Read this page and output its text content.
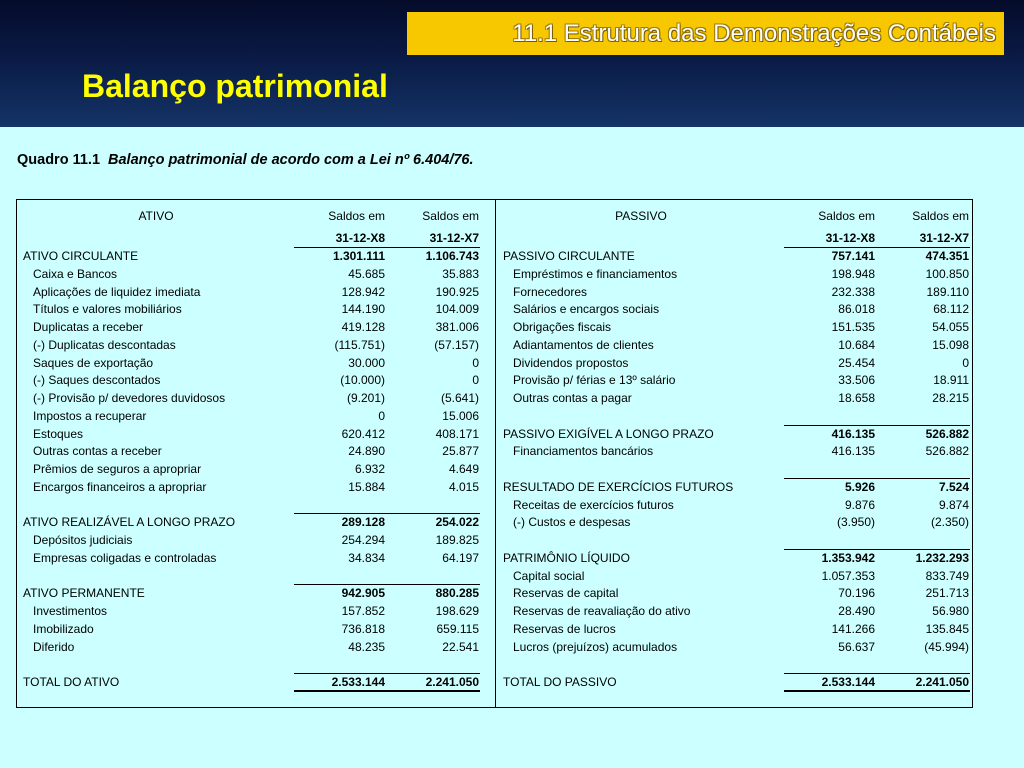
11.1 Estrutura das Demonstrações Contábeis
Balanço patrimonial
Quadro 11.1 Balanço patrimonial de acordo com a Lei nº 6.404/76.
ATIVO	Saldos em	Saldos em
31-12-X8	31-12-X7
PASSIVO	Saldos em	Saldos em
31-12-X8	31-12-X7
ATIVO CIRCULANTE	1.301.111	1.106.743
Caixa e Bancos	45.685	35.883
Aplicações de liquidez imediata	128.942	190.925
Títulos e valores mobiliários	144.190	104.009
Duplicatas a receber	419.128	381.006
(-) Duplicatas descontadas	(115.751)	(57.157)
Saques de exportação	30.000	0
(-) Saques descontados	(10.000)	0
(-) Provisão p/ devedores duvidosos	(9.201)	(5.641)
Impostos a recuperar	0	15.006
Estoques	620.412	408.171
Outras contas a receber	24.890	25.877
Prêmios de seguros a apropriar	6.932	4.649
Encargos financeiros a apropriar	15.884	4.015
ATIVO REALIZÁVEL A LONGO PRAZO	289.128	254.022
Depósitos judiciais	254.294	189.825
Empresas coligadas e controladas	34.834	64.197
ATIVO PERMANENTE	942.905	880.285
Investimentos	157.852	198.629
Imobilizado	736.818	659.115
Diferido	48.235	22.541
TOTAL DO ATIVO	2.533.144	2.241.050
PASSIVO CIRCULANTE	757.141	474.351
Empréstimos e financiamentos	198.948	100.850
Fornecedores	232.338	189.110
Salários e encargos sociais	86.018	68.112
Obrigações fiscais	151.535	54.055
Adiantamentos de clientes	10.684	15.098
Dividendos propostos	25.454	0
Provisão p/ férias e 13º salário	33.506	18.911
Outras contas a pagar	18.658	28.215
PASSIVO EXIGÍVEL A LONGO PRAZO	416.135	526.882
Financiamentos bancários	416.135	526.882
RESULTADO DE EXERCÍCIOS FUTUROS	5.926	7.524
Receitas de exercícios futuros	9.876	9.874
(-) Custos e despesas	(3.950)	(2.350)
PATRIMÔNIO LÍQUIDO	1.353.942	1.232.293
Capital social	1.057.353	833.749
Reservas de capital	70.196	251.713
Reservas de reavaliação do ativo	28.490	56.980
Reservas de lucros	141.266	135.845
Lucros (prejuízos) acumulados	56.637	(45.994)
TOTAL DO PASSIVO	2.533.144	2.241.050
